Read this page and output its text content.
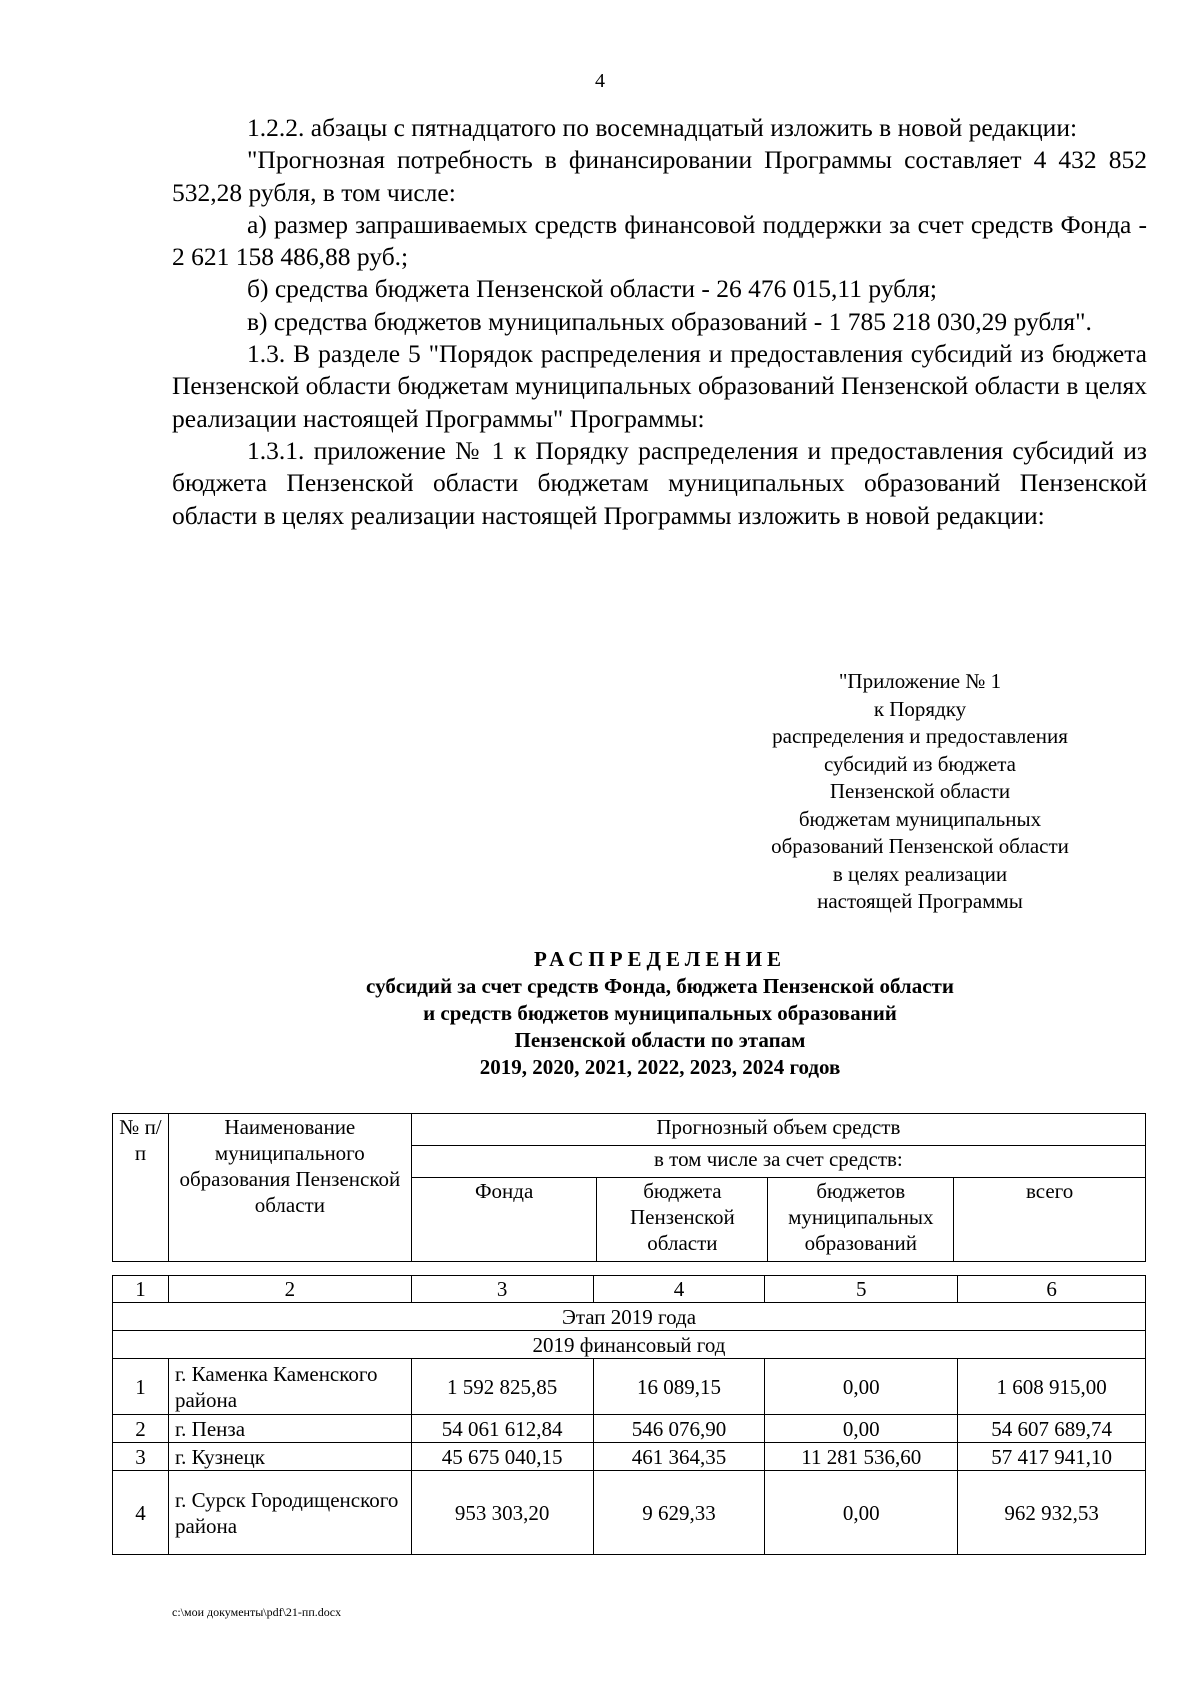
4

1.2.2. абзацы с пятнадцатого по восемнадцатый изложить в новой редакции:

"Прогнозная потребность в финансировании Программы составляет 4 432 852 532,28 рубля, в том числе:

а) размер запрашиваемых средств финансовой поддержки за счет средств Фонда - 2 621 158 486,88 руб.;

б) средства бюджета Пензенской области - 26 476 015,11 рубля;

в) средства бюджетов муниципальных образований - 1 785 218 030,29 рубля".

1.3. В разделе 5 "Порядок распределения и предоставления субсидий из бюджета Пензенской области бюджетам муниципальных образований Пензенской области в целях реализации настоящей Программы" Программы:

1.3.1. приложение № 1 к Порядку распределения и предоставления субсидий из бюджета Пензенской области бюджетам муниципальных образований Пензенской области в целях реализации настоящей Программы изложить в новой редакции:

"Приложение № 1
к Порядку
распределения и предоставления
субсидий из бюджета
Пензенской области
бюджетам муниципальных
образований Пензенской области
в целях реализации
настоящей Программы
РАСПРЕДЕЛЕНИЕ
субсидий за счет средств Фонда, бюджета Пензенской области
и средств бюджетов муниципальных образований
Пензенской области по этапам
2019, 2020, 2021, 2022, 2023, 2024 годов
№ п/п	Наименование муниципального образования Пензенской области	Прогнозный объем средств			
		в том числе за счет средств:			
		Фонда	бюджета Пензенской области	бюджетов муниципальных образований	всего
1	2	3	4	5	6
Этап 2019 года					
2019 финансовый год					
1	г. Каменка Каменского района	1 592 825,85	16 089,15	0,00	1 608 915,00
2	г. Пенза	54 061 612,84	546 076,90	0,00	54 607 689,74
3	г. Кузнецк	45 675 040,15	461 364,35	11 281 536,60	57 417 941,10
4	г. Сурск Городищенского района	953 303,20	9 629,33	0,00	962 932,53
c:\мои документы\pdf\21-пп.docx
